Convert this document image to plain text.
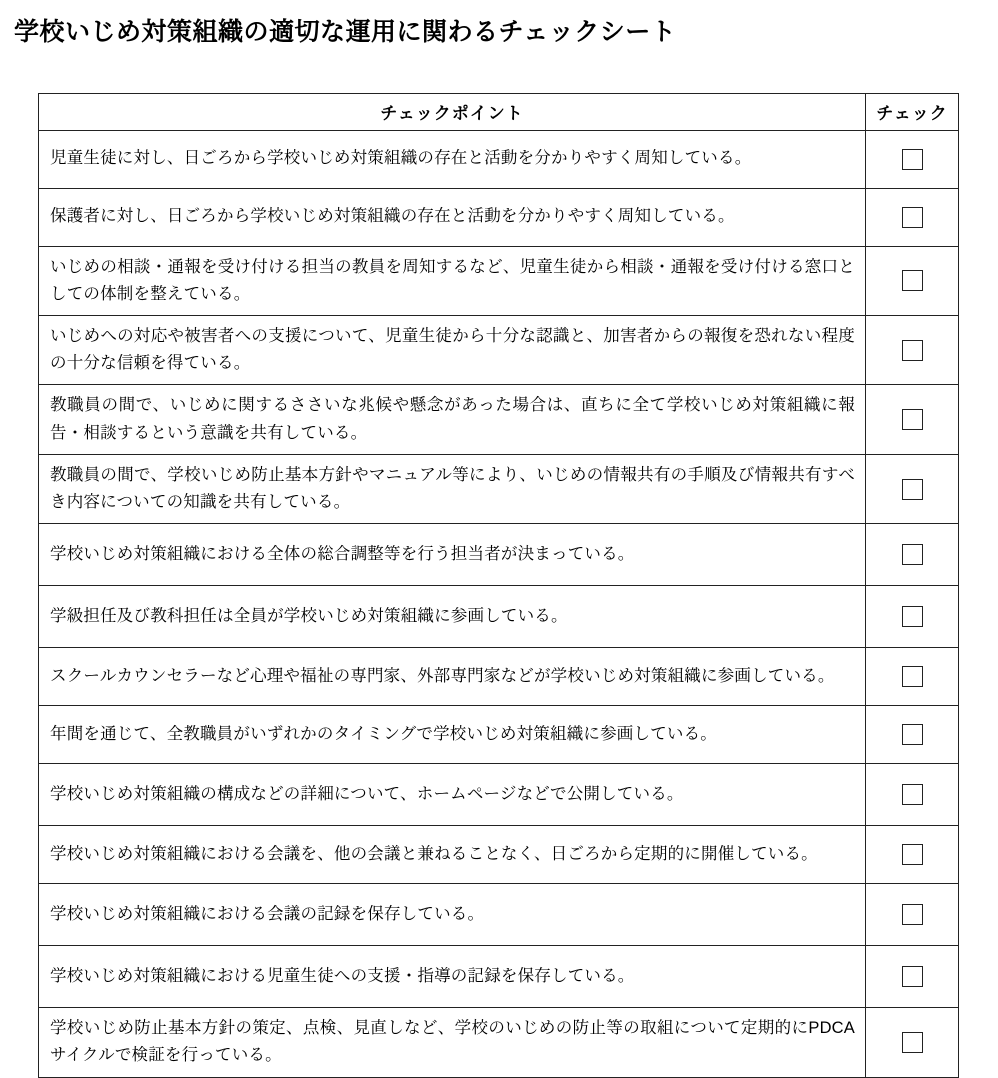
学校いじめ対策組織の適切な運用に関わるチェックシート
チェックポイント	チェック
児童生徒に対し、日ごろから学校いじめ対策組織の存在と活動を分かりやすく周知している。	
保護者に対し、日ごろから学校いじめ対策組織の存在と活動を分かりやすく周知している。	
いじめの相談・通報を受け付ける担当の教員を周知するなど、児童生徒から相談・通報を受け付ける窓口としての体制を整えている。	
いじめへの対応や被害者への支援について、児童生徒から十分な認識と、加害者からの報復を恐れない程度の十分な信頼を得ている。	
教職員の間で、いじめに関するささいな兆候や懸念があった場合は、直ちに全て学校いじめ対策組織に報告・相談するという意識を共有している。	
教職員の間で、学校いじめ防止基本方針やマニュアル等により、いじめの情報共有の手順及び情報共有すべき内容についての知識を共有している。	
学校いじめ対策組織における全体の総合調整等を行う担当者が決まっている。	
学級担任及び教科担任は全員が学校いじめ対策組織に参画している。	
スクールカウンセラーなど心理や福祉の専門家、外部専門家などが学校いじめ対策組織に参画している。	
年間を通じて、全教職員がいずれかのタイミングで学校いじめ対策組織に参画している。	
学校いじめ対策組織の構成などの詳細について、ホームページなどで公開している。	
学校いじめ対策組織における会議を、他の会議と兼ねることなく、日ごろから定期的に開催している。	
学校いじめ対策組織における会議の記録を保存している。	
学校いじめ対策組織における児童生徒への支援・指導の記録を保存している。	
学校いじめ防止基本方針の策定、点検、見直しなど、学校のいじめの防止等の取組について定期的にPDCAサイクルで検証を行っている。	
